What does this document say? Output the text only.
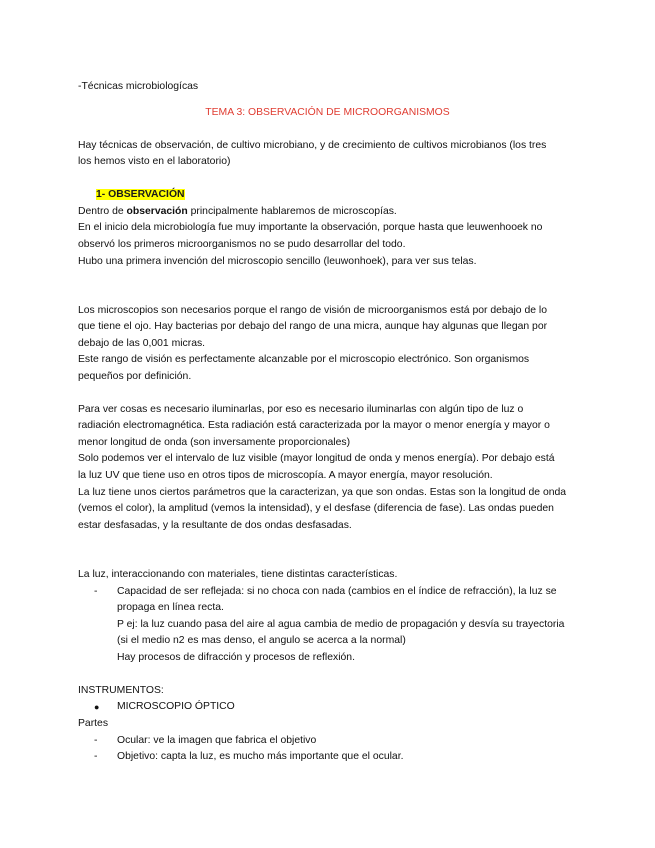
-Técnicas microbiologícas
TEMA 3: OBSERVACIÓN DE MICROORGANISMOS
Hay técnicas de observación, de cultivo microbiano, y de crecimiento de cultivos microbianos (los tres
los hemos visto en el laboratorio)
1- OBSERVACIÓN
Dentro de observación principalmente hablaremos de microscopías.
En el inicio dela microbiología fue muy importante la observación, porque hasta que leuwenhooek no
observó los primeros microorganismos no se pudo desarrollar del todo.
Hubo una primera invención del microscopio sencillo (leuwonhoek), para ver sus telas.
Los microscopios son necesarios porque el rango de visión de microorganismos está por debajo de lo
que tiene el ojo. Hay bacterias por debajo del rango de una micra, aunque hay algunas que llegan por
debajo de las 0,001 micras.
Este rango de visión es perfectamente alcanzable por el microscopio electrónico. Son organismos
pequeños por definición.
Para ver cosas es necesario iluminarlas, por eso es necesario iluminarlas con algún tipo de luz o
radiación electromagnética. Esta radiación está caracterizada por la mayor o menor energía y mayor o
menor longitud de onda (son inversamente proporcionales)
Solo podemos ver el intervalo de luz visible (mayor longitud de onda y menos energía). Por debajo está
la luz UV que tiene uso en otros tipos de microscopía. A mayor energía, mayor resolución.
La luz tiene unos ciertos parámetros que la caracterizan, ya que son ondas. Estas son la longitud de onda
(vemos el color), la amplitud (vemos la intensidad), y el desfase (diferencia de fase). Las ondas pueden
estar desfasadas, y la resultante de dos ondas desfasadas.
La luz, interaccionando con materiales, tiene distintas características.
- Capacidad de ser reflejada: si no choca con nada (cambios en el índice de refracción), la luz se
propaga en línea recta.
P ej: la luz cuando pasa del aire al agua cambia de medio de propagación y desvía su trayectoria
(si el medio n2 es mas denso, el angulo se acerca a la normal)
Hay procesos de difracción y procesos de reflexión.
INSTRUMENTOS:
● MICROSCOPIO ÓPTICO
Partes
- Ocular: ve la imagen que fabrica el objetivo
- Objetivo: capta la luz, es mucho más importante que el ocular.
